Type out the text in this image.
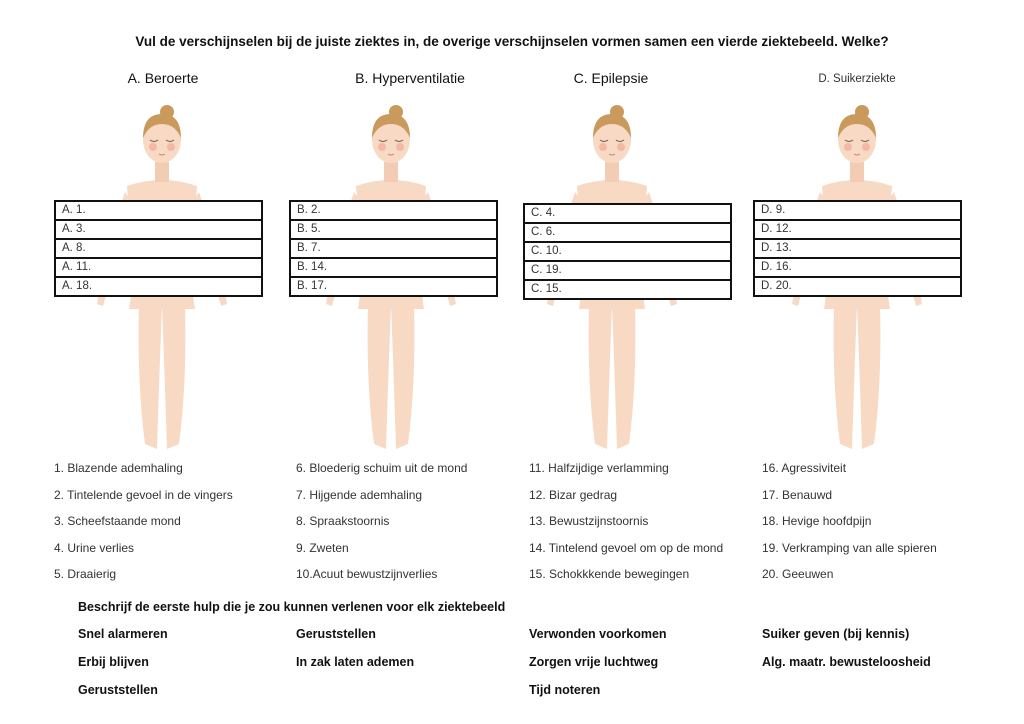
Vul de verschijnselen bij de juiste ziektes in, de overige verschijnselen vormen samen een vierde ziektebeeld. Welke?
A. Beroerte	B. Hyperventilatie	C. Epilepsie	D. Suikerziekte
A. 1.
A. 3.
A. 8.
A. 11.
A. 18.
B. 2.
B. 5.
B. 7.
B. 14.
B. 17.
C. 4.
C. 6.
C. 10.
C. 19.
C. 15.
D. 9.
D. 12.
D. 13.
D. 16.
D. 20.
1. Blazende ademhaling
2. Tintelende gevoel in de vingers
3. Scheefstaande mond
4. Urine verlies
5. Draaierig
6. Bloederig schuim uit de mond
7. Hijgende ademhaling
8. Spraakstoornis
9. Zweten
10.Acuut bewustzijnverlies
11. Halfzijdige verlamming
12. Bizar gedrag
13. Bewustzijnstoornis
14. Tintelend gevoel om op de mond
15. Schokkkende bewegingen
16. Agressiviteit
17. Benauwd
18. Hevige hoofdpijn
19. Verkramping van alle spieren
20. Geeuwen
Beschrijf de eerste hulp die je zou kunnen verlenen voor elk ziektebeeld
Snel alarmeren
Erbij blijven
Geruststellen
Geruststellen
In zak laten ademen
Verwonden voorkomen
Zorgen vrije luchtweg
Tijd noteren
Suiker geven (bij kennis)
Alg. maatr. bewusteloosheid
